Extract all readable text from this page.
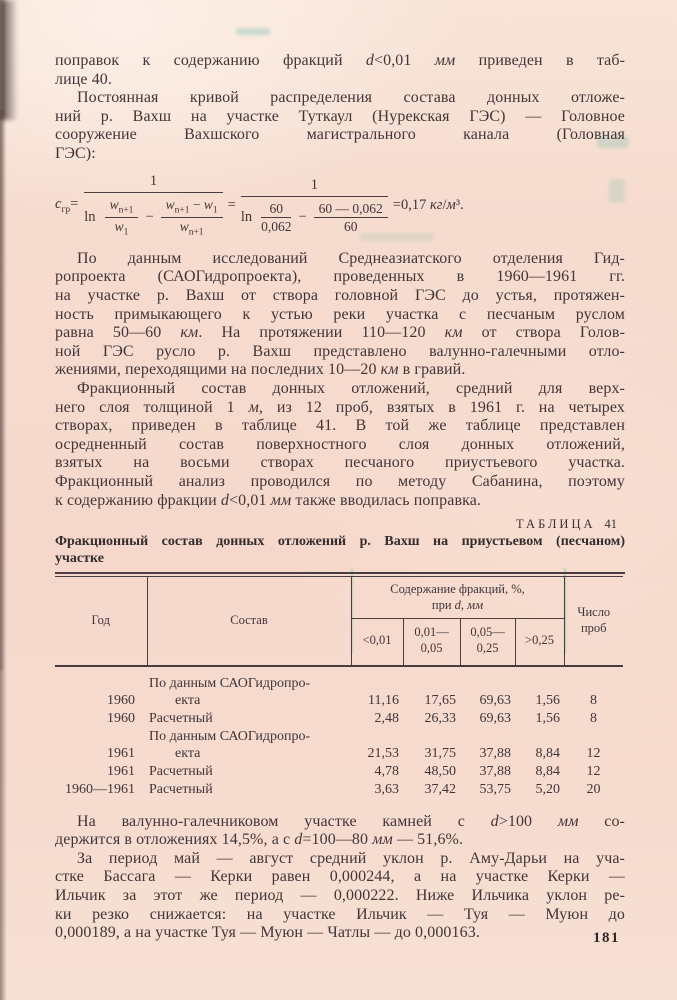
поправок к содержанию фракций d<0,01 мм приведен в таб-
лице 40.
Постоянная кривой распределения состава донных отложе-
ний р. Вахш на участке Туткаул (Нурекская ГЭС) — Головное
сооружение Вахшского магистрального канала (Головная
ГЭС):
$c_{гр}=$
1
ln
$w_{n+1}$
$w_1$
−
$w_{n+1} - w_1$
$w_{n+1}$
=
1
ln
60
0,062
−
60 — 0,062
60
=0,17 кг/м³.
По данным исследований Среднеазиатского отделения Гид-
ропроекта (САОГидропроекта), проведенных в 1960—1961 гг.
на участке р. Вахш от створа головной ГЭС до устья, протяжен-
ность примыкающего к устью реки участка с песчаным руслом
равна 50—60 км. На протяжении 110—120 км от створа Голов-
ной ГЭС русло р. Вахш представлено валунно-галечными отло-
жениями, переходящими на последних 10—20 км в гравий.
Фракционный состав донных отложений, средний для верх-
него слоя толщиной 1 м, из 12 проб, взятых в 1961 г. на четырех
створах, приведен в таблице 41. В той же таблице представлен
осредненный состав поверхностного слоя донных отложений,
взятых на восьми створах песчаного приустьевого участка.
Фракционный анализ проводился по методу Сабанина, поэтому
к содержанию фракции d<0,01 мм также вводилась поправка.
ТАБЛИЦА 41
Фракционный состав донных отложений р. Вахш на приустьевом (песчаном)
участке
Год	Состав	Содержание фракций, %,
при d, мм				Число
проб
		<0,01	0,01—
0,05	0,05—
0,25	>0,25	
1960	По данным САОГидропро-
екта	11,16	17,65	69,63	1,56	8
1960	Расчетный	2,48	26,33	69,63	1,56	8
1961	По данным САОГидропро-
екта	21,53	31,75	37,88	8,84	12
1961	Расчетный	4,78	48,50	37,88	8,84	12
1960—1961	Расчетный	3,63	37,42	53,75	5,20	20
На валунно-галечниковом участке камней с d>100 мм со-
держится в отложениях 14,5%, а с d=100—80 мм — 51,6%.
За период май — август средний уклон р. Аму-Дарьи на уча-
стке Бассага — Керки равен 0,000244, а на участке Керки —
Ильчик за этот же период — 0,000222. Ниже Ильчика уклон ре-
ки резко снижается: на участке Ильчик — Туя — Муюн до
0,000189, а на участке Туя — Муюн — Чатлы — до 0,000163.	181
